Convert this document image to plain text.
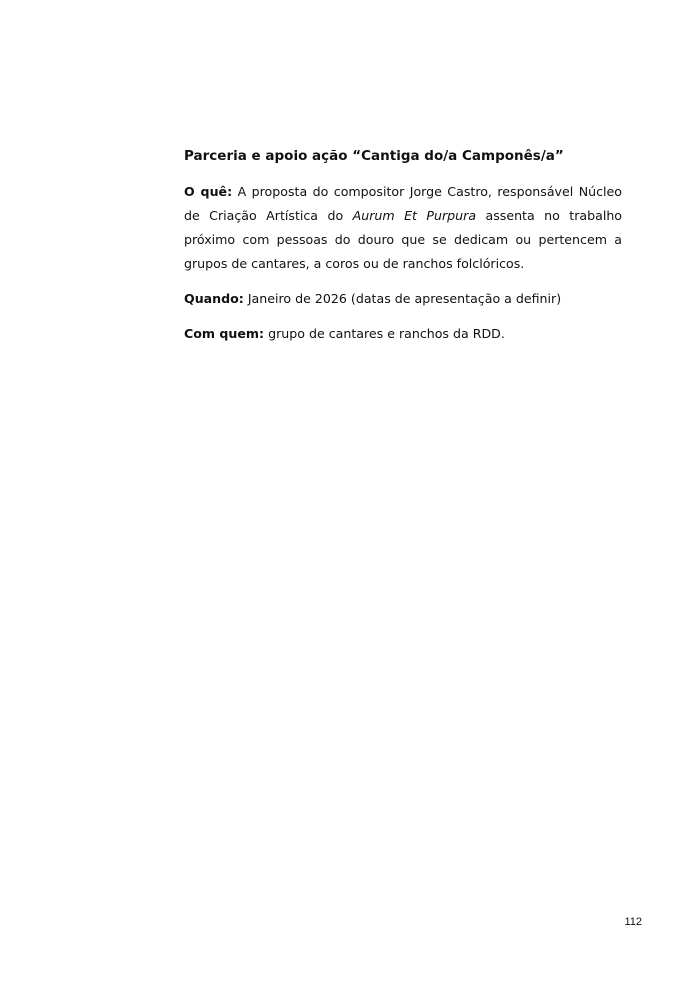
Parceria e apoio ação “Cantiga do/a Camponês/a”

O quê: A proposta do compositor Jorge Castro, responsável Núcleo de Criação Artística do Aurum Et Purpura assenta no trabalho próximo com pessoas do douro que se dedicam ou pertencem a grupos de cantares, a coros ou de ranchos folclóricos.

Quando: Janeiro de 2026 (datas de apresentação a definir)

Com quem: grupo de cantares e ranchos da RDD.

112
